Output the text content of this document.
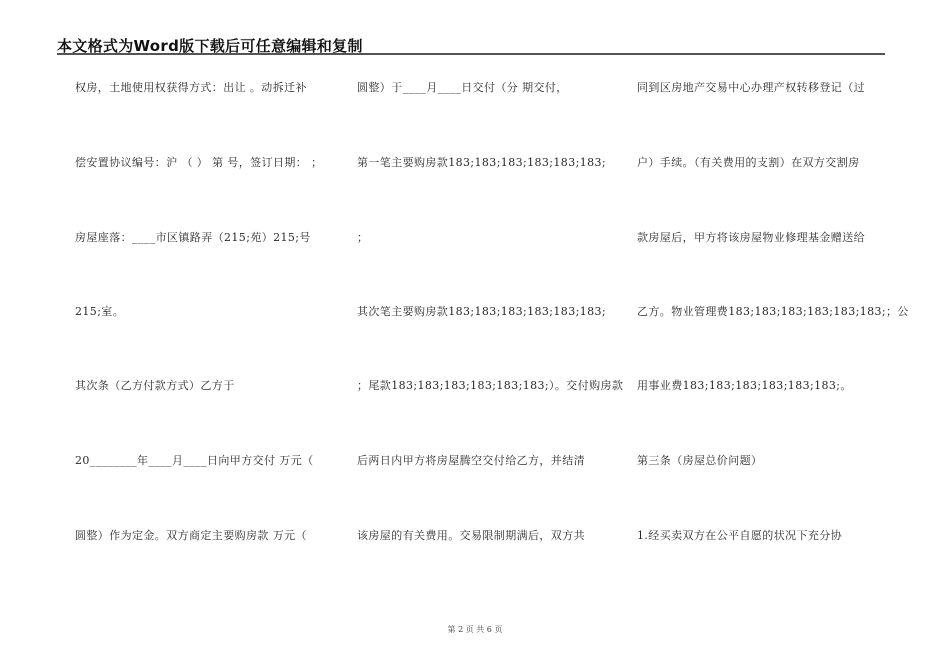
本文格式为Word版下载后可任意编辑和复制
权房，土地使用权获得方式：出让 。动拆迁补
偿安置协议编号：沪 （ ） 第 号，签订日期： ；
房屋座落：____市区镇路弄（215;苑）215;号
215;室。
其次条（乙方付款方式）乙方于
20________年____月____日向甲方交付 万元（
圆整）作为定金。双方商定主要购房款 万元（
圆整）于____月____日交付（分 期交付，
第一笔主要购房款183;183;183;183;183;183;
；
其次笔主要购房款183;183;183;183;183;183;
；尾款183;183;183;183;183;183;）。交付购房款
后两日内甲方将房屋腾空交付给乙方，并结清
该房屋的有关费用。交易限制期满后，双方共
同到区房地产交易中心办理产权转移登记（过
户）手续。（有关费用的支割）在双方交割房
款房屋后，甲方将该房屋物业修理基金赠送给
乙方。物业管理费183;183;183;183;183;183;；公
用事业费183;183;183;183;183;183;。
第三条（房屋总价问题）
1.经买卖双方在公平自愿的状况下充分协
第 2 页 共 6 页
